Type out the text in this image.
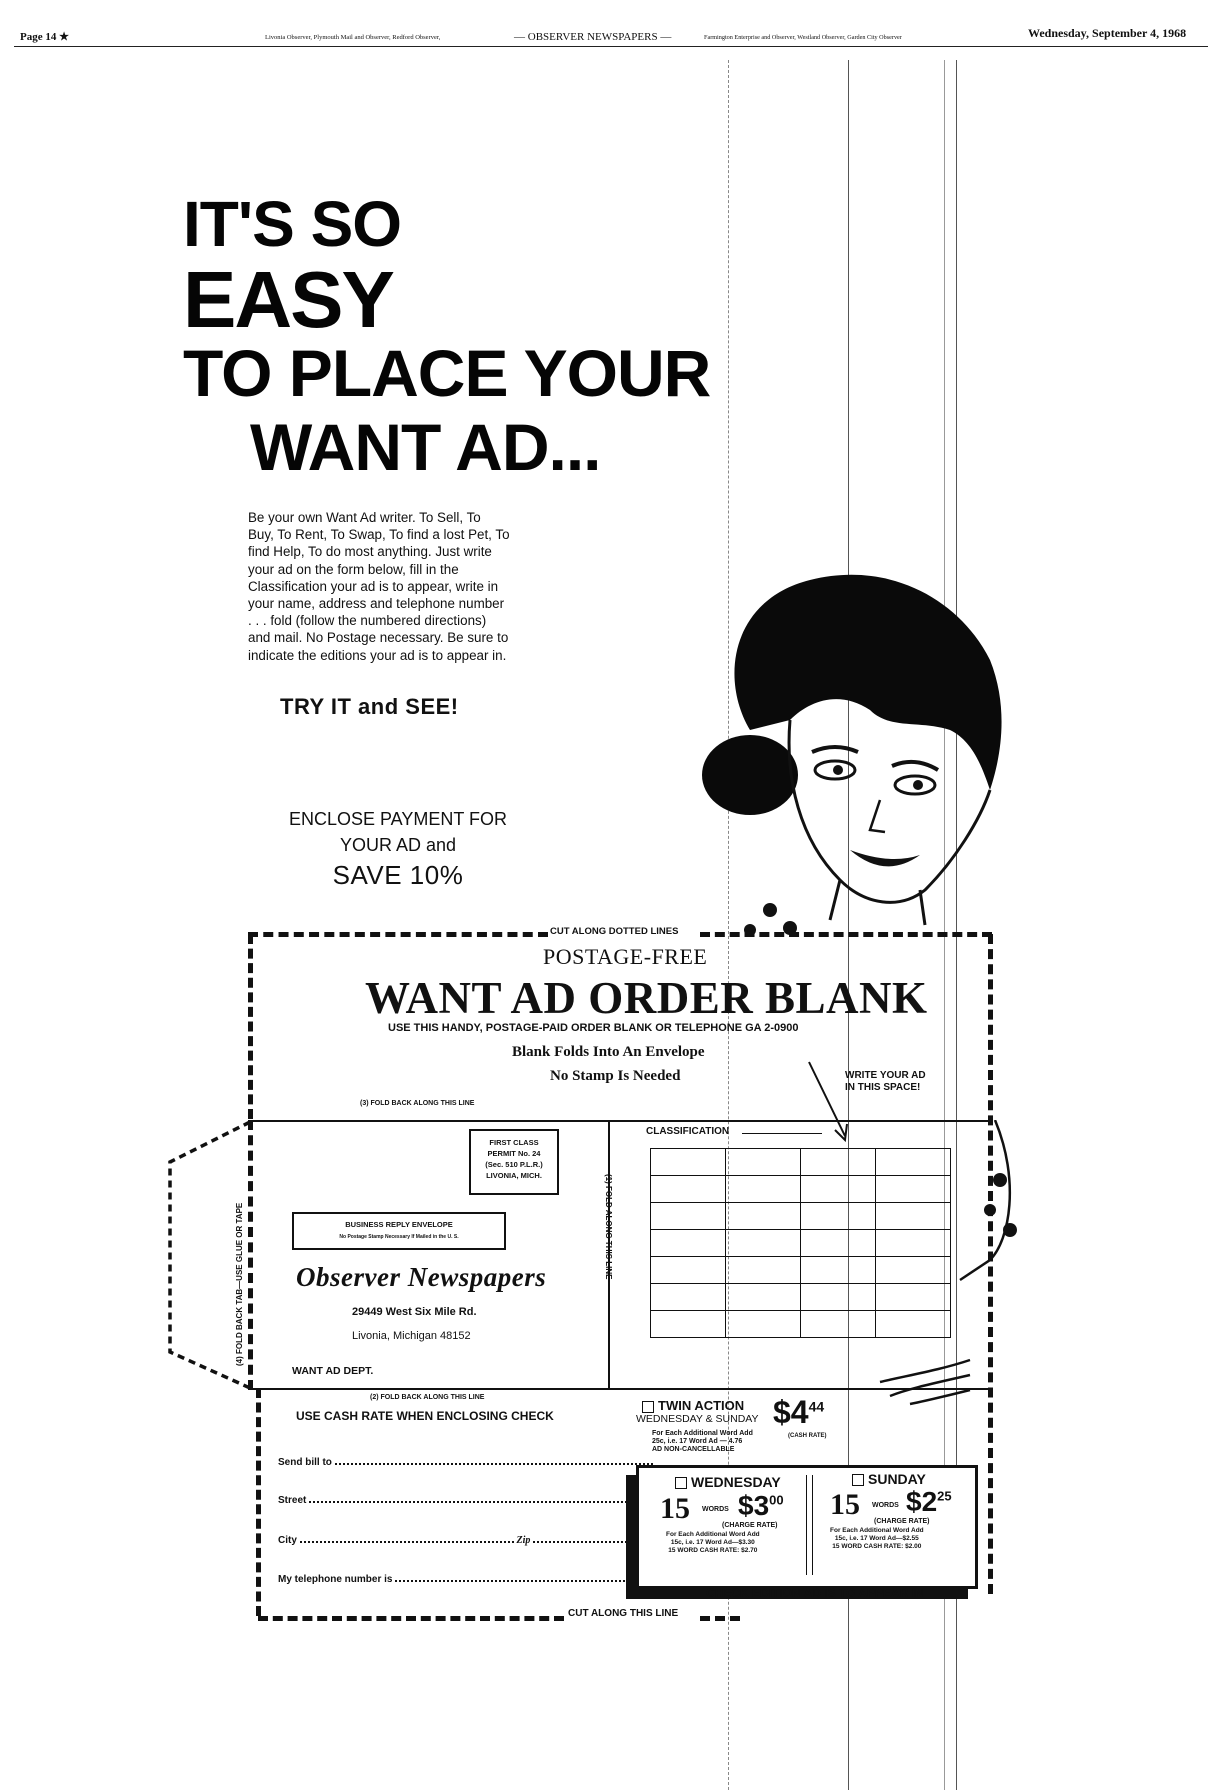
Page 14 ★	Livonia Observer, Plymouth Mail and Observer, Redford Observer,	— OBSERVER NEWSPAPERS —	Farmington Enterprise and Observer, Westland Observer, Garden City Observer	Wednesday, September 4, 1968
IT'S SO
EASY
TO PLACE YOUR
WANT AD...
Be your own Want Ad writer. To Sell, To Buy, To Rent, To Swap, To find a lost Pet, To find Help, To do most anything. Just write your ad on the form below, fill in the Classification your ad is to appear, write in your name, address and telephone number . . . fold (follow the numbered directions) and mail. No Postage necessary. Be sure to indicate the editions your ad is to appear in.
TRY IT and SEE!
ENCLOSE PAYMENT FOR
YOUR AD and
SAVE 10%
CUT ALONG DOTTED LINES
POSTAGE-FREE
WANT AD ORDER BLANK
USE THIS HANDY, POSTAGE-PAID ORDER BLANK OR TELEPHONE GA 2-0900
Blank Folds Into An Envelope
No Stamp Is Needed	WRITE YOUR AD
IN THIS SPACE!
(3) FOLD BACK ALONG THIS LINE
(4) FOLD BACK TAB—USE GLUE OR TAPE
FIRST CLASS
PERMIT No. 24
(Sec. 510 P.L.R.)
LIVONIA, MICH.
BUSINESS REPLY ENVELOPE
No Postage Stamp Necessary If Mailed in the U. S.
Observer Newspapers
29449 West Six Mile Rd.
Livonia, Michigan 48152
WANT AD DEPT.
(1) FOLD ALONG THIS LINE
CLASSIFICATION

(2) FOLD BACK ALONG THIS LINE
USE CASH RATE WHEN ENCLOSING CHECK
Send bill to
Street
City	Zip
My telephone number is
TWIN ACTION
WEDNESDAY & SUNDAY $\$4^{44}$
(CASH RATE)
For Each Additional Word Add
25c, i.e. 17 Word Ad — 4.76
AD NON-CANCELLABLE
WEDNESDAY
15 WORDS $\$3^{00}$
(CHARGE RATE)
For Each Additional Word Add
15c, i.e. 17 Word Ad—$3.30
15 WORD CASH RATE: $2.70
SUNDAY
15 WORDS $\$2^{25}$
(CHARGE RATE)
For Each Additional Word Add
15c, i.e. 17 Word Ad—$2.55
15 WORD CASH RATE: $2.00
CUT ALONG THIS LINE
CHECK EDITION AD IS TO APPEAR IN
